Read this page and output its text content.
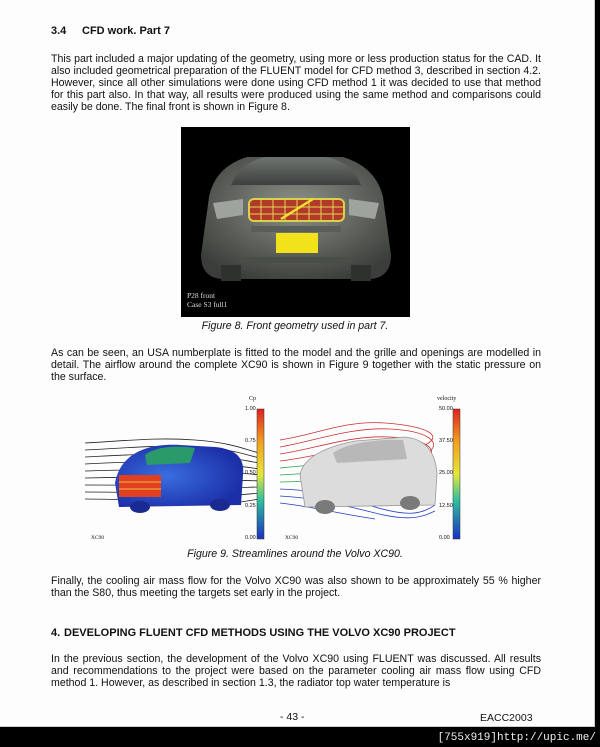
3.4 CFD work. Part 7
This part included a major updating of the geometry, using more or less production status for the CAD. It also included geometrical preparation of the FLUENT model for CFD method 3, described in section 4.2. However, since all other simulations were done using CFD method 1 it was decided to use that method for this part also. In that way, all results were produced using the same method and comparisons could easily be done. The final front is shown in Figure 8.
P28 front
Case S3 full1
Figure 8. Front geometry used in part 7.
As can be seen, an USA numberplate is fitted to the model and the grille and openings are modelled in detail. The airflow around the complete XC90 is shown in Figure 9 together with the static pressure on the surface.
Cp
1.00
0.75
0.50
0.25
0.00
XC90
velocity
50.00
37.50
25.00
12.50
0.00
XC90
Figure 9. Streamlines around the Volvo XC90.
Finally, the cooling air mass flow for the Volvo XC90 was also shown to be approximately 55 % higher than the S80, thus meeting the targets set early in the project.
4. DEVELOPING FLUENT CFD METHODS USING THE VOLVO XC90 PROJECT
In the previous section, the development of the Volvo XC90 using FLUENT was discussed. All results and recommendations to the project were based on the parameter cooling air mass flow using CFD method 1. However, as described in section 1.3, the radiator top water temperature is
- 43 -	EACC2003
[755x919]http://upic.me/
